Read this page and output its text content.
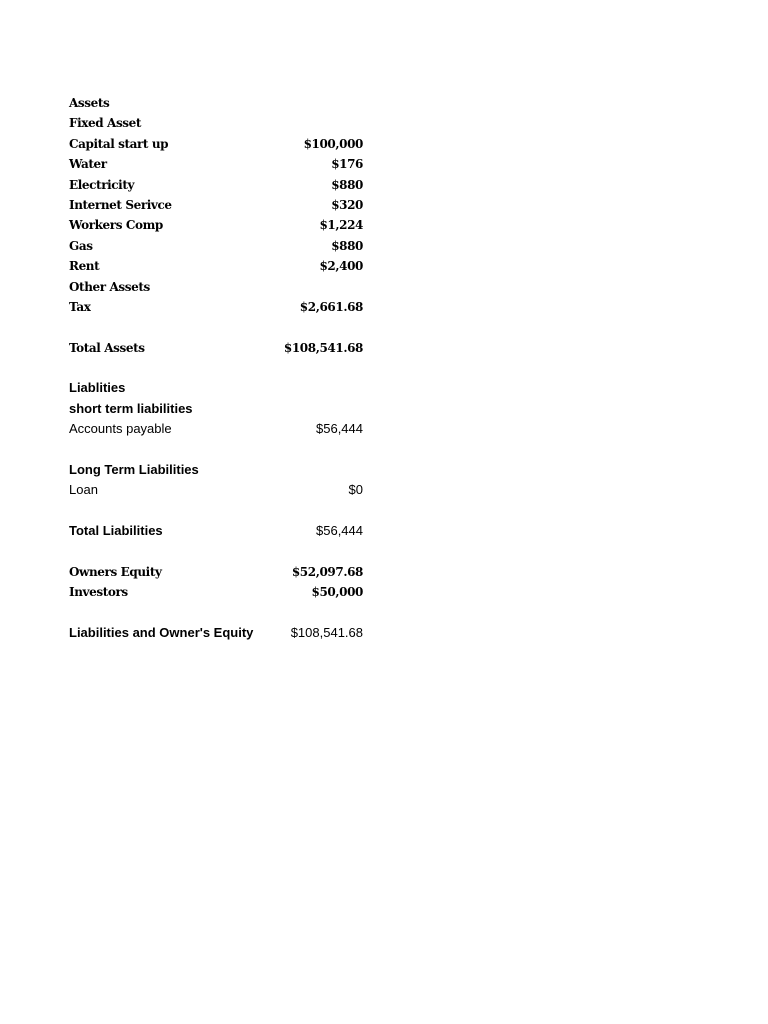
Assets
Fixed Asset
Capital start up	$100,000
Water	$176
Electricity	$880
Internet Serivce	$320
Workers Comp	$1,224
Gas	$880
Rent	$2,400
Other Assets
Tax	$2,661.68
Total Assets	$108,541.68
Liablities
short term liabilities
Accounts payable	$56,444
Long Term Liabilities
Loan	$0
Total Liabilities	$56,444
Owners Equity	$52,097.68
Investors	$50,000
Liabilities and Owner's Equity	$108,541.68
